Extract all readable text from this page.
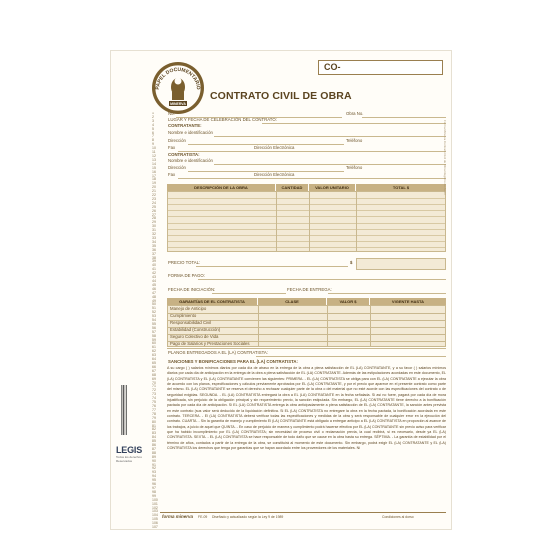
PAPEL DOCUMENTARIO
MINERVA
CO-
CONTRATO CIVIL DE OBRA
1
2
3
4
5
6
7
8
9
10
11
12
13
14
15
16
17
18
19
20
21
22
23
24
25
26
27
28
29
30
31
32
33
34
35
36
37
38
39
40
41
42
43
44
45
46
47
48
49
50
51
52
53
54
55
56
57
58
59
60
61
62
63
64
65
66
67
68
69
70
71
72
73
74
75
76
77
78
79
80
81
82
83
84
85
86
87
88
89
90
91
92
93
94
95
96
97
98
99
100
101
102
103
104
105
106
107
No.	Obra No.
LUGAR Y FECHA DE CELEBRACIÓN DEL CONTRATO:
CONTRATANTE:
Nombre e identificación
Dirección	Teléfono
Fax	Dirección Electrónica
CONTRATISTA:
Nombre e identificación
Dirección	Teléfono
Fax	Dirección Electrónica
DESCRIPCIÓN DE LA OBRA	CANTIDAD	VALOR UNITARIO	TOTAL $
PRECIO TOTAL:	$
FORMA DE PAGO:
FECHA DE INICIACIÓN:	FECHA DE ENTREGA:
GARANTÍAS DE EL CONTRATISTA	CLASE	VALOR $	VIGENTE HASTA
Manejo de Anticipo
Cumplimiento
Responsabilidad Civil
Estabilidad (Construcción)
Seguro Colectivo de Vida
Pago de Salarios y Prestaciones Sociales
PLANOS ENTREGADOS A EL (LA) CONTRATISTA:
SANCIONES Y BONIFICACIONES PARA EL (LA) CONTRATISTA:
A su cargo ( ) salarios mínimos diarios por cada día de atraso en la entrega de la obra a plena satisfacción de EL (LA) CONTRATANTE, y a su favor ( ) salarios mínimos diarios por cada día de anticipación en la entrega de la obra a plena satisfacción de EL (LA) CONTRATANTE. Además de las estipulaciones acordadas en este documento, EL (LA) CONTRATISTA y EL (LA) CONTRATANTE convienen las siguientes: PRIMERA. - EL (LA) CONTRATISTA se obliga para con EL (LA) CONTRATANTE a ejecutar la obra de acuerdo con los planos, especificaciones y cálculos previamente aprobados por EL (LA) CONTRATANTE, y por el precio que aparece en el presente contrato como parte del mismo. EL (LA) CONTRATANTE se reserva el derecho a rechazar cualquier parte de la obra o del material que no esté acorde con las especificaciones del contrato o de seguridad exigidas. SEGUNDA. - EL (LA) CONTRATISTA entregará la obra a EL (LA) CONTRATANTE en la fecha señalada. Si así no fuere, pagará por cada día de mora injustificada, sin perjuicio de la obligación principal y sin requerimiento previo, la sanción estipulada. Sin embargo, EL (LA) CONTRATANTE tiene derecho a la bonificación pactada por cada día de anticipación. Si EL (LA) CONTRATISTA entrega la obra anticipadamente a plena satisfacción de EL (LA) CONTRATANTE, la sanción antes prevista en este contrato (sus valor será deducido de la liquidación definitiva. Si EL (LA) CONTRATISTA no entregare la obra en la fecha pactada, la bonificación acordada en este contrato. TERCERA. - El (LA) CONTRATISTA deberá verificar todas las especificaciones y medidas de la obra y será responsable de cualquier error en la ejecución del contrato. CUARTA. - Sin la garantía de manejo y cumplimiento El (LA) CONTRATANTE está obligado a entregar anticipo a EL (LA) CONTRATISTA en proporción al avance de los trabajos, a juicio de aquel que QUINTA. - En caso de perjuicio de manera y cumplimiento podrá hacerse efectiva por EL (LA) CONTRATANTE sin previo aviso para verificar que ha habido incumplimiento por EL (LA) CONTRATISTA; sin necesidad de proceso civil o reclamación previa, la cual recibirá, si es necesario, desde ya EL (LA) CONTRATISTA. SEXTA. - EL (LA) CONTRATISTA se hace responsable de todo daño que se cause en la obra hasta su entrega. SÉPTIMA. - La garantía de estabilidad por el término de años, contados a partir de la entrega de la obra, se constituirá al momento de este documento. Sin embargo, podrá exigir EL (LA) CONTRATANTE y EL (LA) CONTRATISTA los derechos que tenga por garantías que se hayan acordado entre los proveedores de los materiales. Ni
LEGIS
Todos los derechos Reservados
Forma Minerva Contrato Civil de Obra Registro de Autor
forma minerva FE-09 Diseñado y actualizado según la Ley 9 de 1989	Condiciones al dorso
